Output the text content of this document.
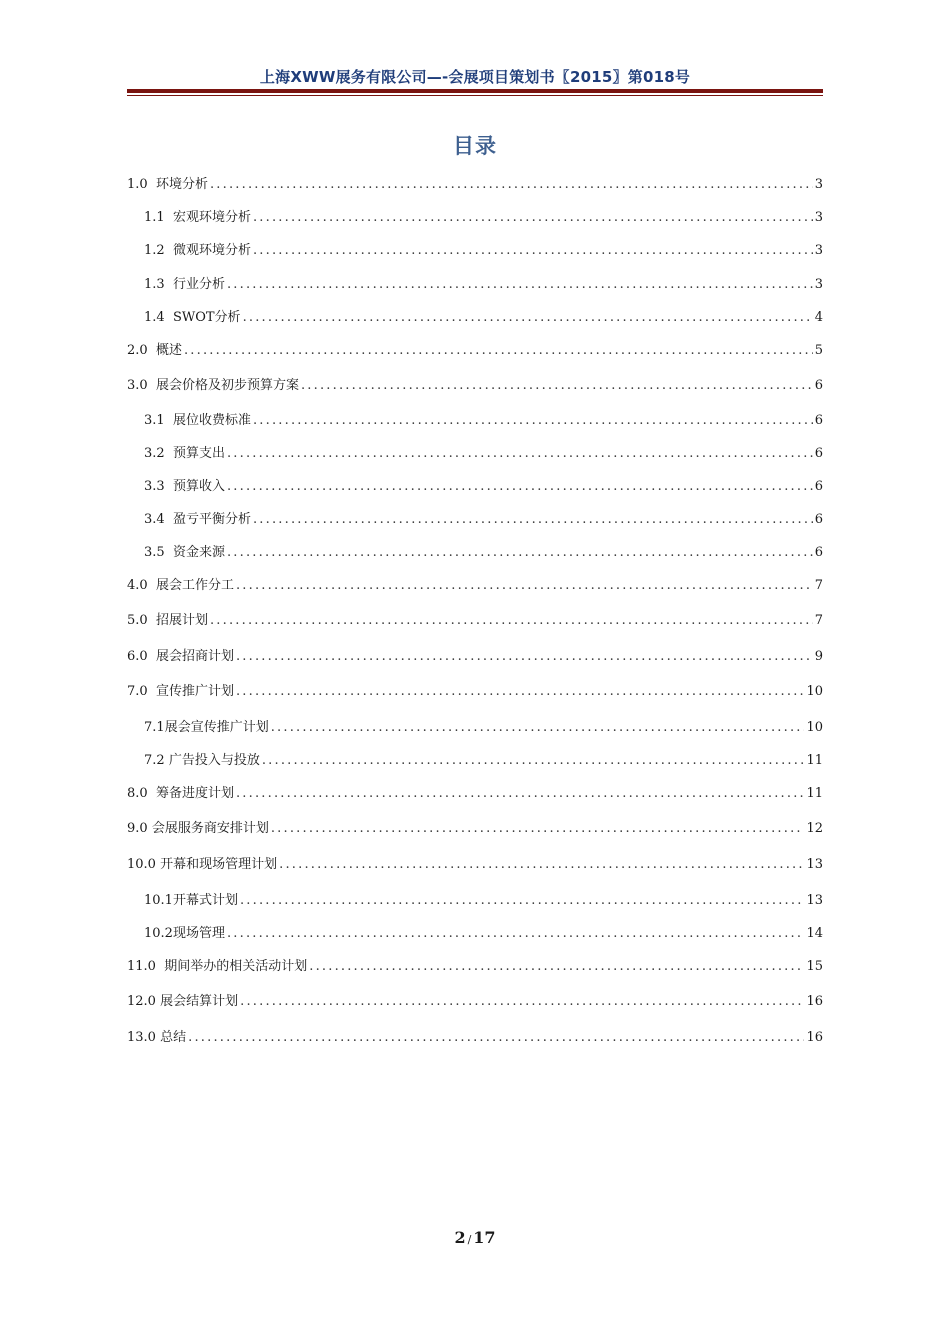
上海XWW展务有限公司—-会展项目策划书〖2015〗第018号
目录
1.0
环境分析 .....	3
1.1
宏观环境分析 .....	3
1.2
微观环境分析 .....	3
1.3
行业分析 .....	3
1.4
SWOT分析 .....	4
2.0
概述 .....	5
3.0
展会价格及初步预算方案 .....	6
3.1
展位收费标准 .....	6
3.2
预算支出 .....	6
3.3
预算收入 .....	6
3.4
盈亏平衡分析 .....	6
3.5
资金来源 .....	6
4.0
展会工作分工 .....	7
5.0
招展计划 .....	7
6.0
展会招商计划 .....	9
7.0
宣传推广计划 .....	10
7.1 展会宣传推广计划 .....	10
7.2
广告投入与投放 .....	11
8.0
筹备进度计划 .....	11
9.0
会展服务商安排计划 .....	12
10.0
开幕和现场管理计划 .....	13
10.1 开幕式计划 .....	13
10.2 现场管理 .....	14
11.0
期间举办的相关活动计划 .....	15
12.0
展会结算计划 .....	16
13.0
总结 .....	16
2 / 17
